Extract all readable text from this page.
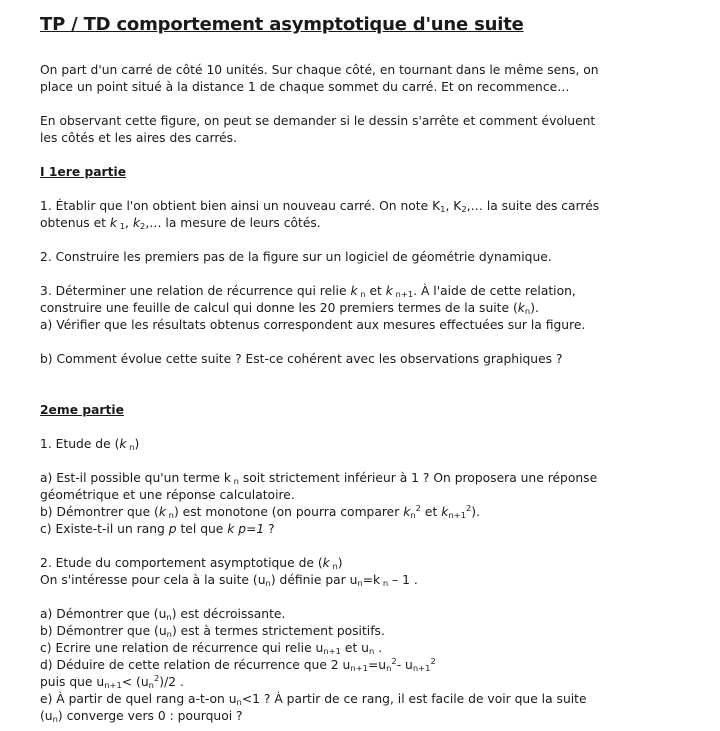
TP / TD comportement asymptotique d'une suite

On part d'un carré de côté 10 unités. Sur chaque côté, en tournant dans le même sens, on

place un point situé à la distance 1 de chaque sommet du carré. Et on recommence…

En observant cette figure, on peut se demander si le dessin s'arrête et comment évoluent

les côtés et les aires des carrés.

I 1ere partie

1. Établir que l'on obtient bien ainsi un nouveau carré. On note $K_1$, $K_2,\dots$ la suite des carrés

obtenus et k $_1$, $k_2,\dots$ la mesure de leurs côtés.

2. Construire les premiers pas de la figure sur un logiciel de géométrie dynamique.

3. Déterminer une relation de récurrence qui relie k $_n$ et k $_{n+1}$. À l'aide de cette relation,

construire une feuille de calcul qui donne les 20 premiers termes de la suite $(k_n)$.

a) Vérifier que les résultats obtenus correspondent aux mesures effectuées sur la figure.

b) Comment évolue cette suite ? Est-ce cohérent avec les observations graphiques ?

2eme partie

1. Etude de (k $_n$)

a) Est-il possible qu'un terme k $_n$ soit strictement inférieur à 1 ? On proposera une réponse

géométrique et une réponse calculatoire.

b) Démontrer que (k $_n$) est monotone (on pourra comparer $k_n^2$ et $k_{n+1}^2$).

c) Existe-t-il un rang p tel que k p=1 ?

2. Etude du comportement asymptotique de (k $_n$)

On s'intéresse pour cela à la suite $(u_n)$ définie par $u_n=k$ $_n$ – 1 .

a) Démontrer que $(u_n)$ est décroissante.

b) Démontrer que $(u_n)$ est à termes strictement positifs.

c) Ecrire une relation de récurrence qui relie $u_{n+1}$ et $u_n$ .

d) Déduire de cette relation de récurrence que 2 $u_{n+1}=u_n^2-$ $u_{n+1}^2$

puis que $u_{n+1}< (u_n^2)/2$ .

e) À partir de quel rang a-t-on $u_n<1$ ? À partir de ce rang, il est facile de voir que la suite

$(u_n)$ converge vers 0 : pourquoi ?
